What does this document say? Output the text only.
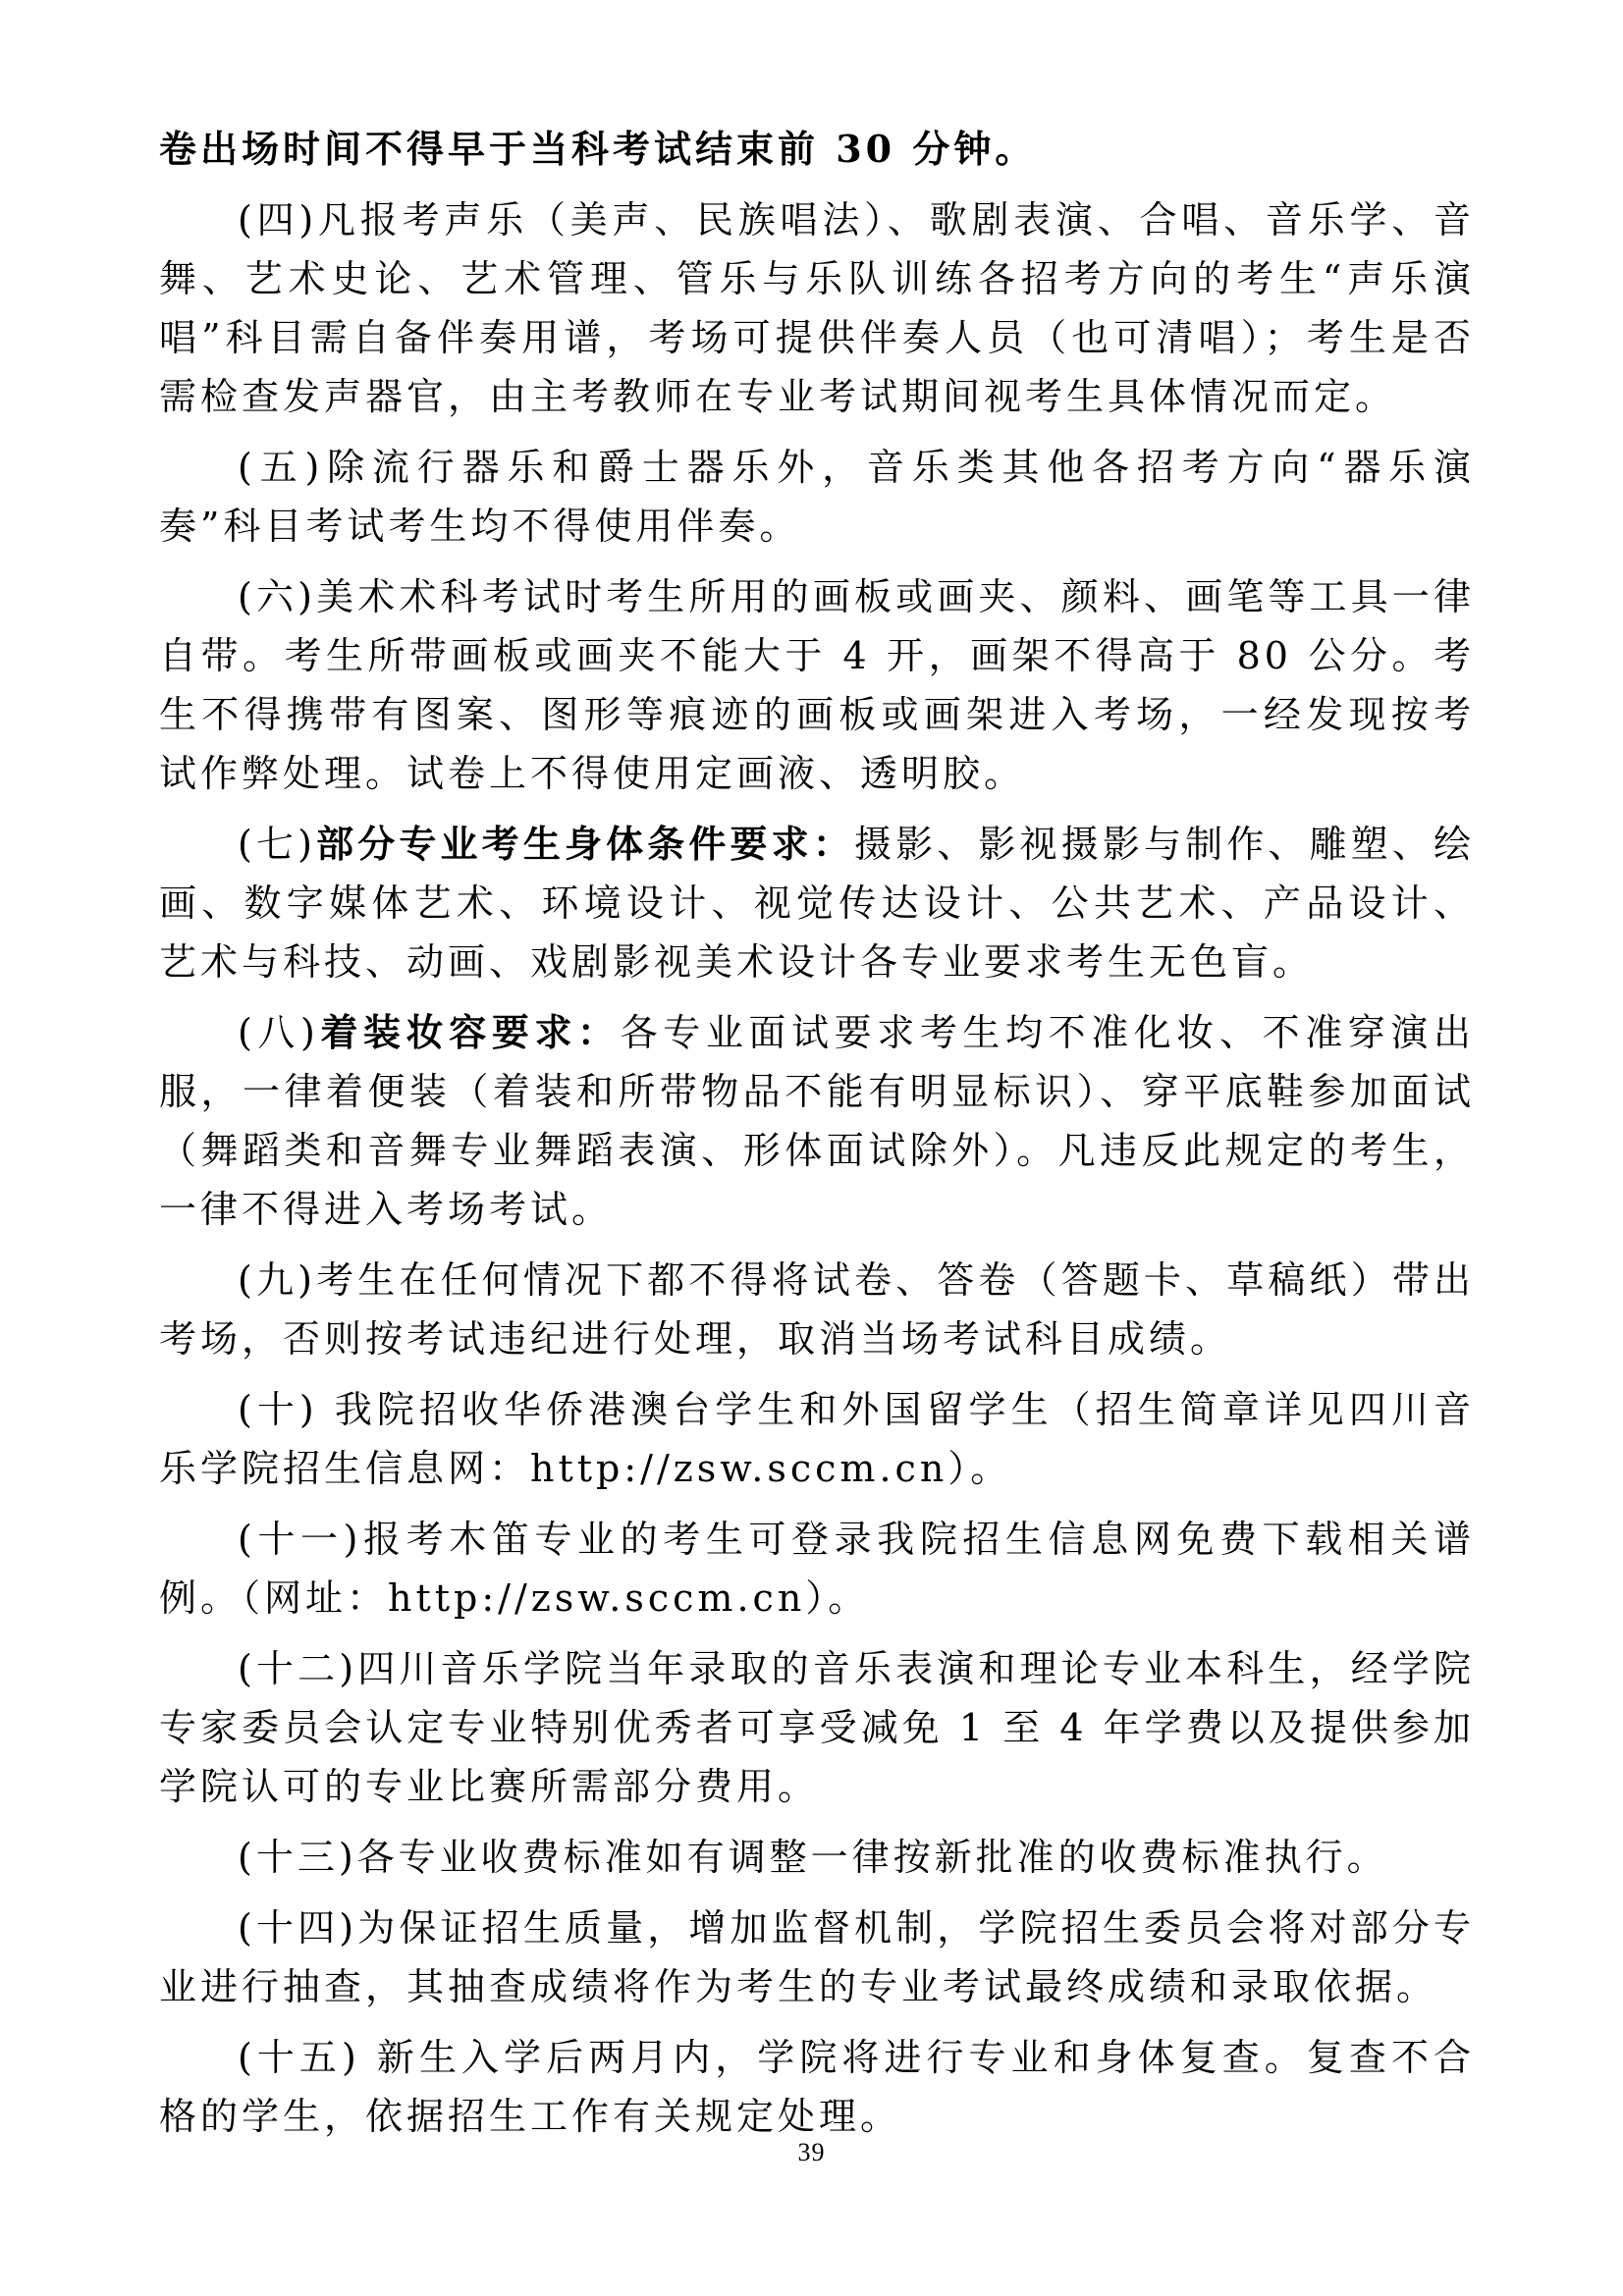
卷出场时间不得早于当科考试结束前 30 分钟。

(四)凡报考声乐（美声、民族唱法）、歌剧表演、合唱、音乐学、音舞、艺术史论、艺术管理、管乐与乐队训练各招考方向的考生“声乐演唱”科目需自备伴奏用谱，考场可提供伴奏人员（也可清唱）；考生是否需检查发声器官，由主考教师在专业考试期间视考生具体情况而定。

(五)除流行器乐和爵士器乐外，音乐类其他各招考方向“器乐演奏”科目考试考生均不得使用伴奏。

(六)美术术科考试时考生所用的画板或画夹、颜料、画笔等工具一律自带。考生所带画板或画夹不能大于 4 开，画架不得高于 80 公分。考生不得携带有图案、图形等痕迹的画板或画架进入考场，一经发现按考试作弊处理。试卷上不得使用定画液、透明胶。

(七)部分专业考生身体条件要求：摄影、影视摄影与制作、雕塑、绘画、数字媒体艺术、环境设计、视觉传达设计、公共艺术、产品设计、艺术与科技、动画、戏剧影视美术设计各专业要求考生无色盲。

(八)着装妆容要求：各专业面试要求考生均不准化妆、不准穿演出服，一律着便装（着装和所带物品不能有明显标识）、穿平底鞋参加面试（舞蹈类和音舞专业舞蹈表演、形体面试除外）。凡违反此规定的考生，一律不得进入考场考试。

(九)考生在任何情况下都不得将试卷、答卷（答题卡、草稿纸）带出考场，否则按考试违纪进行处理，取消当场考试科目成绩。

(十) 我院招收华侨港澳台学生和外国留学生（招生简章详见四川音乐学院招生信息网：http://zsw.sccm.cn）。

(十一)报考木笛专业的考生可登录我院招生信息网免费下载相关谱例。（网址：http://zsw.sccm.cn）。

(十二)四川音乐学院当年录取的音乐表演和理论专业本科生，经学院专家委员会认定专业特别优秀者可享受减免 1 至 4 年学费以及提供参加学院认可的专业比赛所需部分费用。

(十三)各专业收费标准如有调整一律按新批准的收费标准执行。

(十四)为保证招生质量，增加监督机制，学院招生委员会将对部分专业进行抽查，其抽查成绩将作为考生的专业考试最终成绩和录取依据。

(十五) 新生入学后两月内，学院将进行专业和身体复查。复查不合格的学生，依据招生工作有关规定处理。

39
